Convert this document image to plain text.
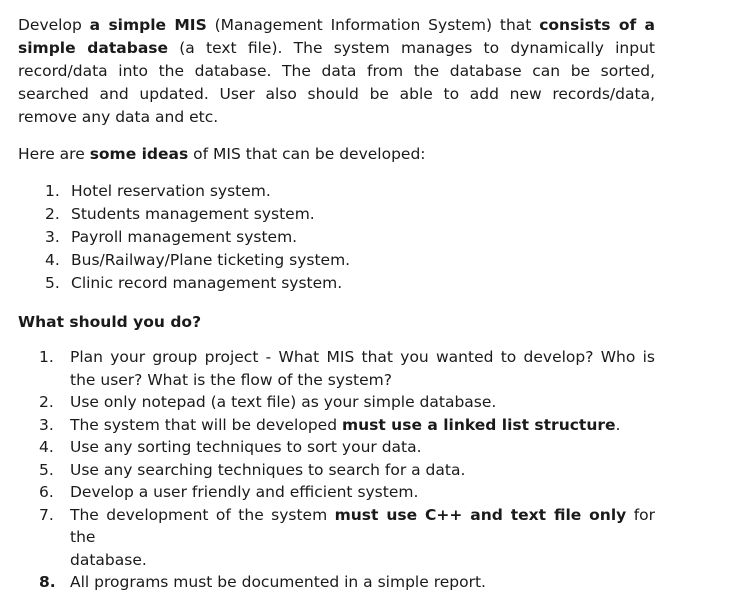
Develop a simple MIS (Management Information System) that consists of a
simple database (a text file). The system manages to dynamically input
record/data into the database. The data from the database can be sorted,
searched and updated. User also should be able to add new records/data,
remove any data and etc.

Here are some ideas of MIS that can be developed:

1. Hotel reservation system.
2. Students management system.
3. Payroll management system.
4. Bus/Railway/Plane ticketing system.
5. Clinic record management system.

What should you do?

1. Plan your group project - What MIS that you wanted to develop? Who is
the user? What is the flow of the system?
2. Use only notepad (a text file) as your simple database.
3. The system that will be developed must use a linked list structure.
4. Use any sorting techniques to sort your data.
5. Use any searching techniques to search for a data.
6. Develop a user friendly and efficient system.
7. The development of the system must use C++ and text file only for the
database.
8. All programs must be documented in a simple report.
